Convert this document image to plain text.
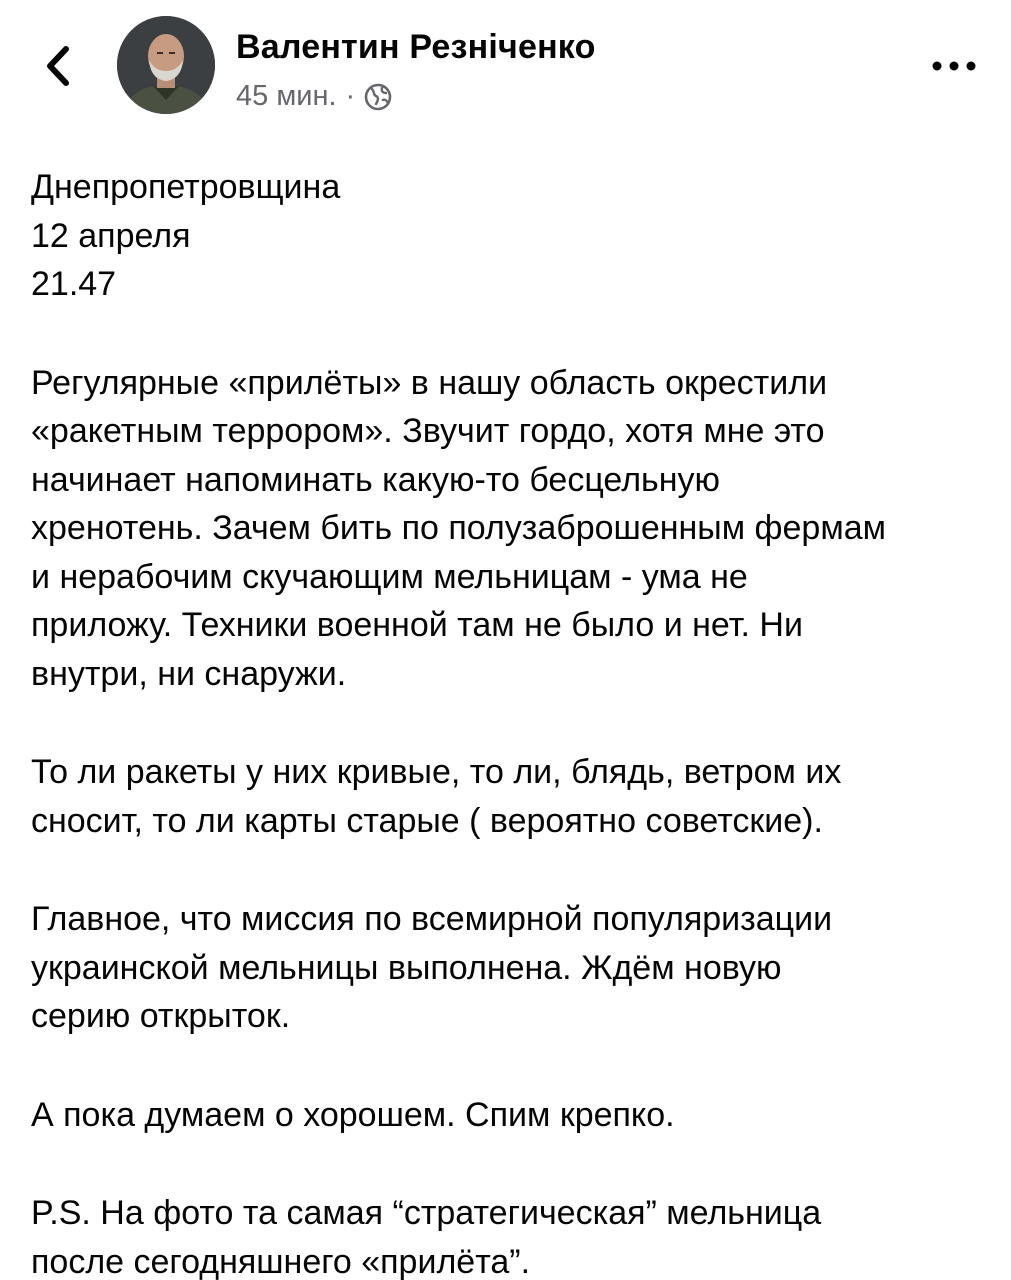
Валентин Резніченко
45 мин. ·

Днепропетровщина
12 апреля
21.47

Регулярные «прилёты» в нашу область окрестили
«ракетным террором». Звучит гордо, хотя мне это
начинает напоминать какую-то бесцельную
хренотень. Зачем бить по полузаброшенным фермам
и нерабочим скучающим мельницам - ума не
приложу. Техники военной там не было и нет. Ни
внутри, ни снаружи.

То ли ракеты у них кривые, то ли, блядь, ветром их
сносит, то ли карты старые ( вероятно советские).

Главное, что миссия по всемирной популяризации
украинской мельницы выполнена. Ждём новую
серию открыток.

А пока думаем о хорошем. Спим крепко.

P.S. На фото та самая “стратегическая” мельница
после сегодняшнего «прилёта”.
